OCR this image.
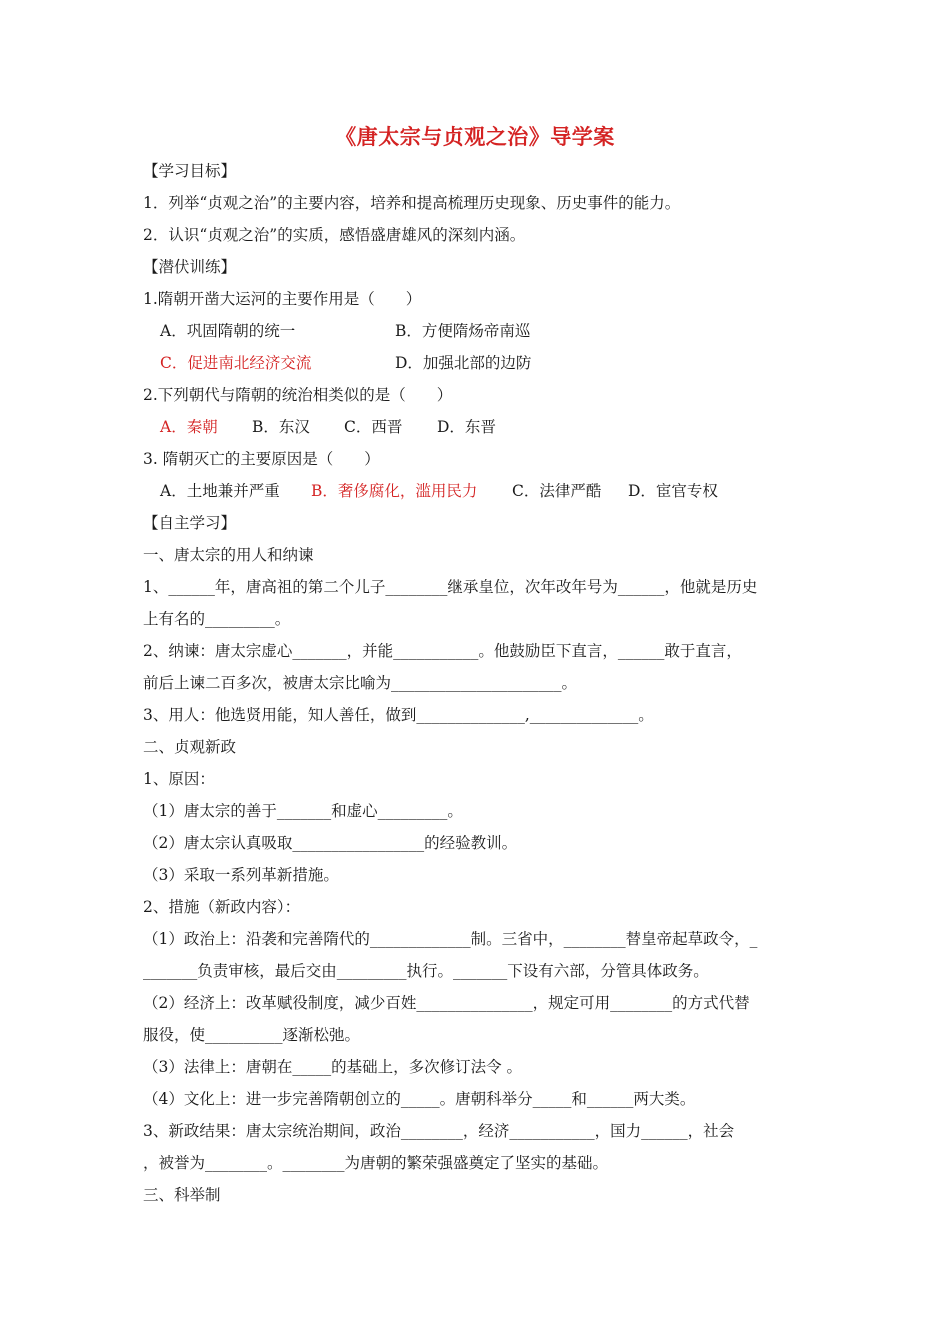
《唐太宗与贞观之治》导学案
【学习目标】
1．列举“贞观之治”的主要内容，培养和提高梳理历史现象、历史事件的能力。
2．认识“贞观之治”的实质，感悟盛唐雄风的深刻内涵。
【潜伏训练】
1.隋朝开凿大运河的主要作用是（　　）
A．巩固隋朝的统一	B．方便隋炀帝南巡
C．促进南北经济交流	D．加强北部的边防
2.下列朝代与隋朝的统治相类似的是（　　）
A．秦朝 B．东汉 C．西晋 D．东晋
3. 隋朝灭亡的主要原因是（　　）
A．土地兼并严重 B．奢侈腐化，滥用民力 C．法律严酷 D．宦官专权
【自主学习】
一、唐太宗的用人和纳谏
1、______年，唐高祖的第二个儿子________继承皇位，次年改年号为______，他就是历史
上有名的_________。
2、纳谏：唐太宗虚心_______，并能___________。他鼓励臣下直言，______敢于直言，
前后上谏二百多次，被唐太宗比喻为______________________。
3、用人：他选贤用能，知人善任，做到______________,______________。
二、贞观新政
1、原因：
（1）唐太宗的善于_______和虚心_________。
（2）唐太宗认真吸取_________________的经验教训。
（3）采取一系列革新措施。
2、措施（新政内容）：
（1）政治上：沿袭和完善隋代的_____________制。三省中，________替皇帝起草政令，_
_______负责审核，最后交由_________执行。_______下设有六部，分管具体政务。
（2）经济上：改革赋役制度，减少百姓_______________，规定可用________的方式代替
服役，使__________逐渐松弛。
（3）法律上：唐朝在_____的基础上，多次修订法令 。
（4）文化上：进一步完善隋朝创立的_____。唐朝科举分_____和______两大类。
3、新政结果：唐太宗统治期间，政治________，经济___________，国力______，社会
，被誉为________。________为唐朝的繁荣强盛奠定了坚实的基础。
三、科举制
